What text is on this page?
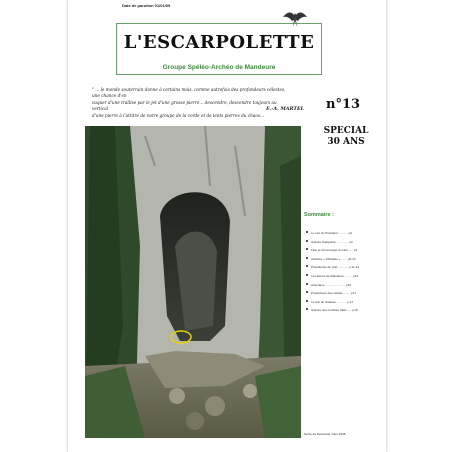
Date de parution 01/01/09
L'ESCARPOLETTE
Groupe Spéléo-Archéo de Mandeure
" ... le monde souterrain donne à certains mois, comme autrefois des profondeurs célestes, une chance d'en
vaquer d'une traîtise par le jet d'une grosse pierre... descendre, descendre toujours au vertical
d'une pierre à l'attitre de notre groupe de la corde et de lents pierres du chaos...
E.-A. MARTEL n°13
SPECIAL
30 ANS
Sortie de Pentecôte mars 2008
Sommaire :
Le mot du Président ........... p2
Histoire Galopante .............. p3
Fête et Chronologie du club ..... p4
Activités « officielles » ....... p5-10
Présidentes du club ............ p.11-13
Les élèves de Mandeure ......... p14
Historique ........................ p16
Productions des cavités ........ p17
Le test du château ............ p.17
Histoire des combats clités ..... p18
